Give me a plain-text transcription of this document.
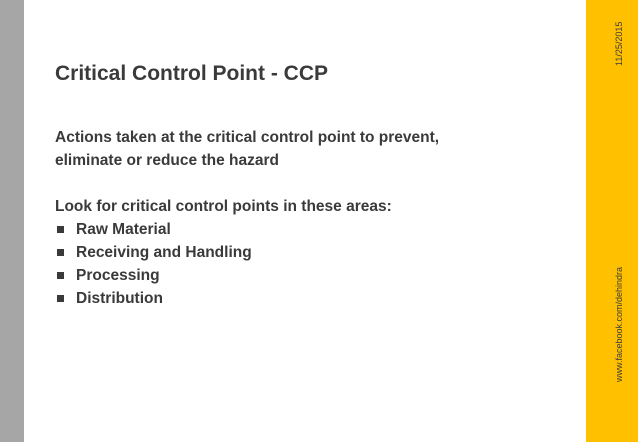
11/25/2015
www.facebook.com/dehindra
Critical Control Point - CCP

Actions taken at the critical control point to prevent,

eliminate or reduce the hazard

Look for critical control points in these areas:

Raw Material
Receiving and Handling
Processing
Distribution
